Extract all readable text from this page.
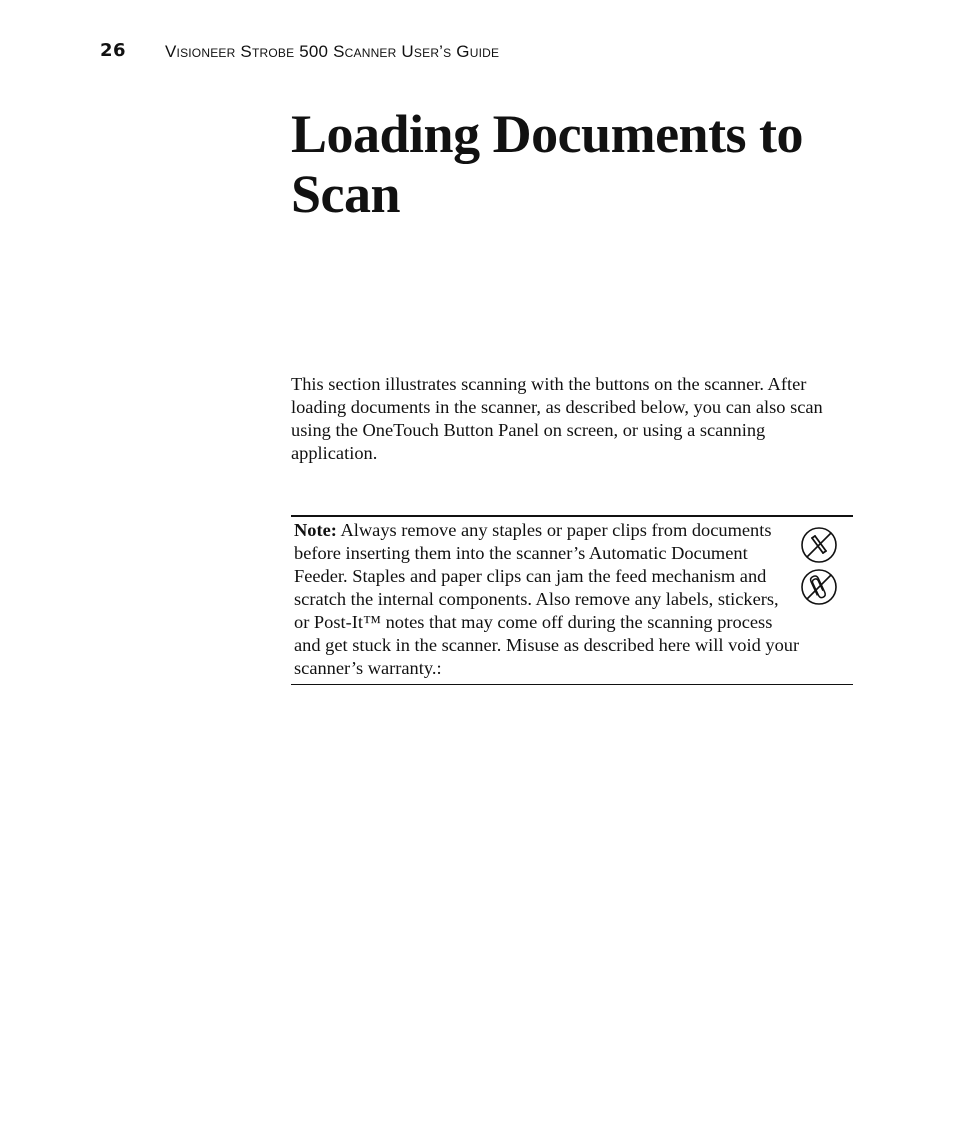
26 Visioneer Strobe 500 Scanner User’s Guide
Loading Documents to Scan

This section illustrates scanning with the buttons on the scanner. After loading documents in the scanner, as described below, you can also scan using the OneTouch Button Panel on screen, or using a scanning application.

Note: Always remove any staples or paper clips from documents
before inserting them into the scanner’s Automatic Document
Feeder. Staples and paper clips can jam the feed mechanism and
scratch the internal components. Also remove any labels, stickers,
or Post-It™ notes that may come off during the scanning process
and get stuck in the scanner. Misuse as described here will void your
scanner’s warranty.:
